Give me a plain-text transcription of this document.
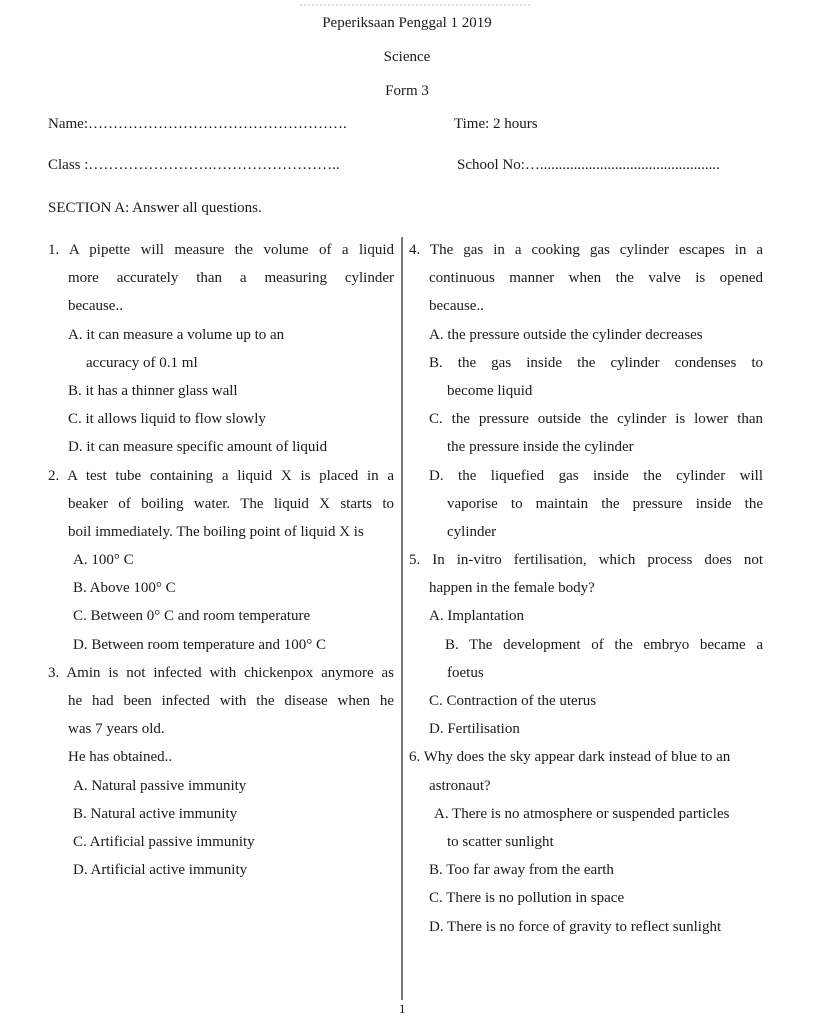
Peperiksaan Penggal 1 2019
Science
Form 3
Name:…………………………………………….	Time: 2 hours
Class :…………………….……………………..	School No:…................................................
SECTION A: Answer all questions.
1. A pipette will measure the volume of a liquid
more accurately than a measuring cylinder
because..
A. it can measure a volume up to an
accuracy of 0.1 ml
B. it has a thinner glass wall
C. it allows liquid to flow slowly
D. it can measure specific amount of liquid
2. A test tube containing a liquid X is placed in a
beaker of boiling water. The liquid X starts to
boil immediately. The boiling point of liquid X is
A. 100° C
B. Above 100° C
C. Between 0° C and room temperature
D. Between room temperature and 100° C
3. Amin is not infected with chickenpox anymore as
he had been infected with the disease when he
was 7 years old.
He has obtained..
A. Natural passive immunity
B. Natural active immunity
C. Artificial passive immunity
D. Artificial active immunity
4. The gas in a cooking gas cylinder escapes in a
continuous manner when the valve is opened
because..
A. the pressure outside the cylinder decreases
B. the gas inside the cylinder condenses to
become liquid
C. the pressure outside the cylinder is lower than
the pressure inside the cylinder
D. the liquefied gas inside the cylinder will
vaporise to maintain the pressure inside the
cylinder
5. In in-vitro fertilisation, which process does not
happen in the female body?
A. Implantation
B. The development of the embryo became a
foetus
C. Contraction of the uterus
D. Fertilisation
6. Why does the sky appear dark instead of blue to an
astronaut?
A. There is no atmosphere or suspended particles
to scatter sunlight
B. Too far away from the earth
C. There is no pollution in space
D. There is no force of gravity to reflect sunlight
1
